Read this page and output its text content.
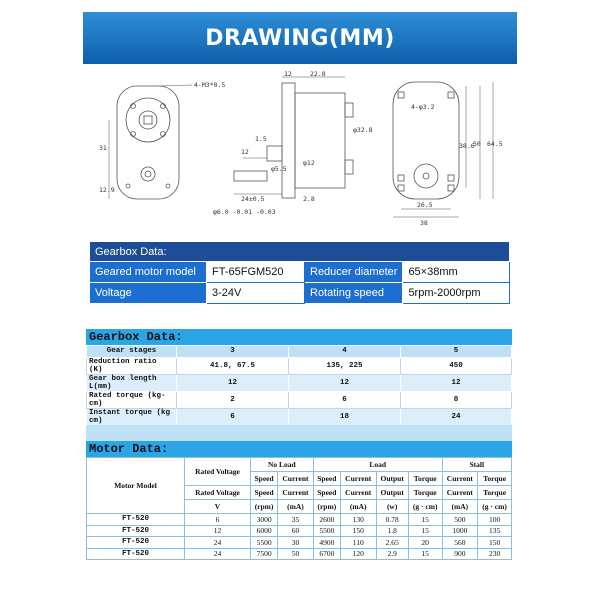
DRAWING(MM)
4-M3*0.5
31
12.9
12	22.8
1.5
12
φ5.5
φ12
24±0.5	2.8
φ32.8
φ6.0 -0.01 -0.03
4-φ3.2
38.6
50 64.5
26.5
38
Gearbox Data:			
Geared motor model	FT-65FGM520	Reducer diameter	65×38mm
Voltage	3-24V	Rotating speed	5rpm-2000rpm
Gearbox Data:
Gear stages	3	4	5
Reduction ratio (K)	41.8, 67.5	135, 225	450
Gear box length L(mm)	12	12	12
Rated torque (kg-cm)	2	6	8
Instant torque (kg cm)	6	18	24

Motor Data:
Motor Model	Rated Voltage	No Load		Load				Stall	
		Speed	Current	Speed	Current	Output	Torque	Current	Torque
	Rated Voltage	Speed	Current	Speed	Current	Output	Torque	Current	Torque
	V	(rpm)	(mA)	(rpm)	(mA)	(w)	(g · cm)	(mA)	(g · cm)
FT-520	6	3000	35	2600	130	0.78	15	500	100
FT-520	12	6000	60	5500	150	1.8	15	1000	135
FT-520	24	5500	30	4900	110	2.65	20	560	150
FT-520	24	7500	50	6700	120	2.9	15	900	230
